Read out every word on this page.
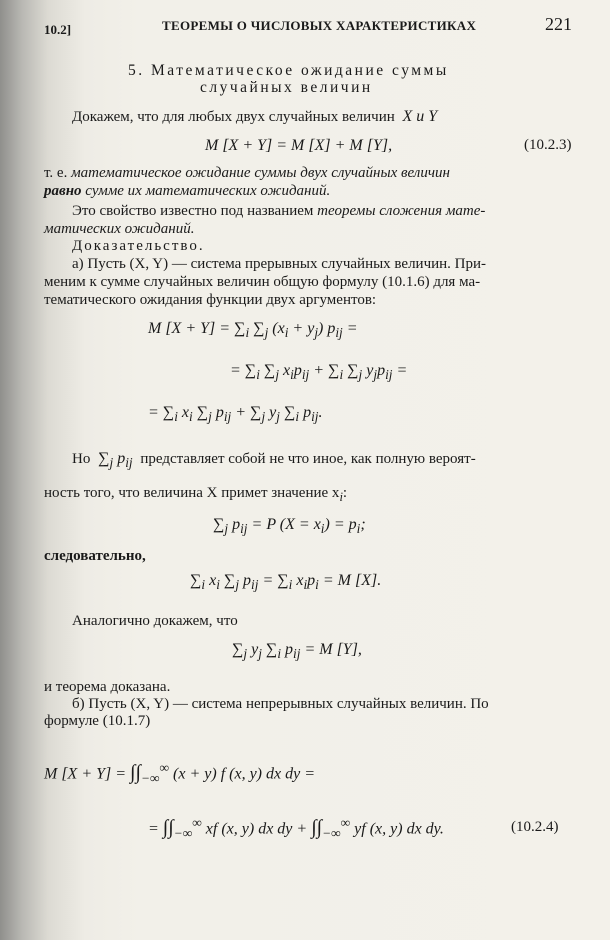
10.2]	ТЕОРЕМЫ О ЧИСЛОВЫХ ХАРАКТЕРИСТИКАХ	221
5. Математическое ожидание суммы
случайных величин
Докажем, что для любых двух случайных величин X и Y
M [X + Y] = M [X] + M [Y],	(10.2.3)
т. е. математическое ожидание суммы двух случайных величин
равно сумме их математических ожиданий.
Это свойство известно под названием теоремы сложения мате-
матических ожиданий.
Доказательство.
а) Пусть (X, Y) — система прерывных случайных величин. При-
меним к сумме случайных величин общую формулу (10.1.6) для ма-
тематического ожидания функции двух аргументов:
M $[X + Y] = \sum_i$ $\sum_j$ $(x_i + y_j) p_{ij}$ =
= $\sum_i$ $\sum_j$ $x_ip_{ij} + \sum_i$ $\sum_j$ $y_jp_{ij}$ =
= $\sum_i$ $x_i$ $\sum_j$ $p_{ij} + \sum_j$ $y_j$ $\sum_i$ $p_{ij}$.
Но $\sum_j$ $p_{ij}$ представляет собой не что иное, как полную вероят-
ность того, что величина X примет значение $x_i$:
$\sum_j$ $p_{ij} = P$ $(X = x_i) = p_i$;
следовательно,
$\sum_i$ $x_i$ $\sum_j$ $p_{ij} = \sum_i$ $x_ip_i = M$ [X].
Аналогично докажем, что
$\sum_j$ $y_j$ $\sum_i$ $p_{ij} = M$ [Y],
и теорема доказана.
б) Пусть (X, Y) — система непрерывных случайных величин. По
формуле (10.1.7)
M $[X + Y] = \int\int_{-\infty}^\infty$ (x + y) f (x, y) dx dy =
= $\int\int_{-\infty}^\infty$ xf (x, y) dx dy + $\int\int_{-\infty}^\infty$ yf (x, y) dx dy.	(10.2.4)
